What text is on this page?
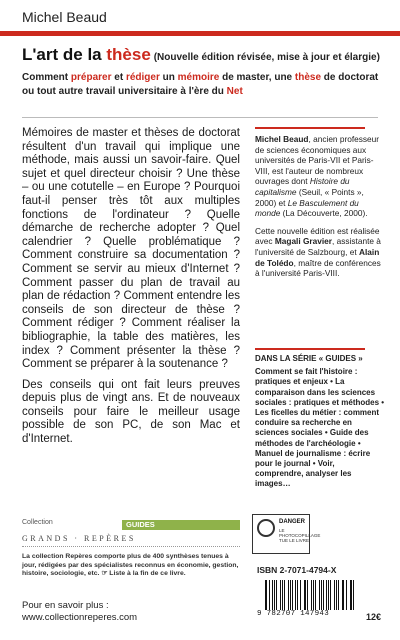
Michel Beaud
L'art de la thèse (Nouvelle édition révisée, mise à jour et élargie)
Comment préparer et rédiger un mémoire de master, une thèse de doctorat ou tout autre travail universitaire à l'ère du Net

Mémoires de master et thèses de doctorat résultent d'un travail qui implique une méthode, mais aussi un savoir-faire. Quel sujet et quel directeur choisir ? Une thèse – ou une cotutelle – en Europe ? Pourquoi faut-il penser très tôt aux multiples fonctions de l'ordinateur ? Quelle démarche de recherche adopter ? Quel calendrier ? Quelle problématique ? Comment construire sa documentation ? Comment se servir au mieux d'Internet ? Comment passer du plan de travail au plan de rédaction ? Comment entendre les conseils de son directeur de thèse ? Comment rédiger ? Comment réaliser la bibliographie, la table des matières, les index ? Comment présenter la thèse ? Comment se préparer à la soutenance ?

Des conseils qui ont fait leurs preuves depuis plus de vingt ans. Et de nouveaux conseils pour faire le meilleur usage possible de son PC, de son Mac et d'Internet.

Michel Beaud, ancien professeur de sciences économiques aux universités de Paris-VII et Paris-VIII, est l'auteur de nombreux ouvrages dont Histoire du capitalisme (Seuil, « Points », 2000) et Le Basculement du monde (La Découverte, 2000).

Cette nouvelle édition est réalisée avec Magali Gravier, assistante à l'université de Salzbourg, et Alain de Tolédo, maître de conférences à l'université Paris-VIII.

DANS LA SÉRIE « GUIDES »
Comment se fait l'histoire : pratiques et enjeux • La comparaison dans les sciences sociales : pratiques et méthodes • Les ficelles du métier : comment conduire sa recherche en sciences sociales • Guide des méthodes de l'archéologie • Manuel de journalisme : écrire pour le journal • Voir, comprendre, analyser les images…
Collection	GUIDES
GRANDS · REPÈRES
La collection Repères comporte plus de 400 synthèses tenues à jour, rédigées par des spécialistes reconnus en économie, gestion, histoire, sociologie, etc. ☞ Liste à la fin de ce livre.
Pour en savoir plus :
www.collectionreperes.com
DANGER
LE PHOTOCOPILLAGE TUE LE LIVRE
ISBN 2-7071-4794-X
9 782707 147943	12€
